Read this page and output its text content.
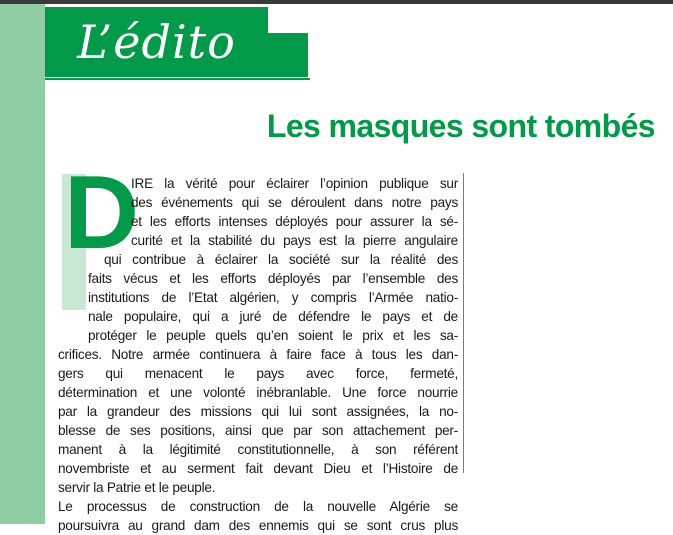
L’édito
Les masques sont tombés
D
IRE la vérité pour éclairer l’opinion publique sur
des événements qui se déroulent dans notre pays
et les efforts intenses déployés pour assurer la sé-
curité et la stabilité du pays est la pierre angulaire
qui contribue à éclairer la société sur la réalité des
faits vécus et les efforts déployés par l’ensemble des
institutions de l’Etat algérien, y compris l’Armée natio-
nale populaire, qui a juré de défendre le pays et de
protéger le peuple quels qu’en soient le prix et les sa-
crifices. Notre armée continuera à faire face à tous les dan-
gers qui menacent le pays avec force, fermeté,
détermination et une volonté inébranlable. Une force nourrie
par la grandeur des missions qui lui sont assignées, la no-
blesse de ses positions, ainsi que par son attachement per-
manent à la légitimité constitutionnelle, à son référent
novembriste et au serment fait devant Dieu et l’Histoire de
servir la Patrie et le peuple.
Le processus de construction de la nouvelle Algérie se
poursuivra au grand dam des ennemis qui se sont crus plus
